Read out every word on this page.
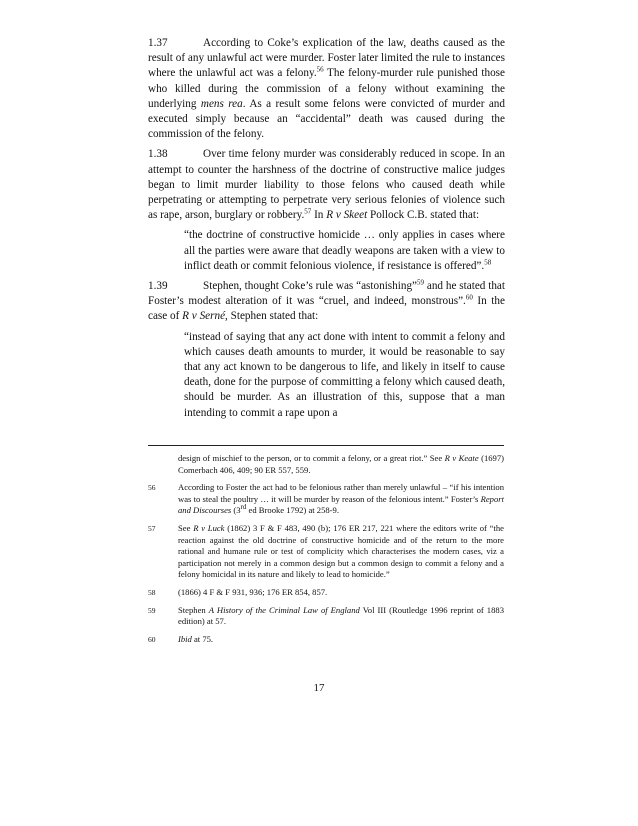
1.37	According to Coke’s explication of the law, deaths caused as the result of any unlawful act were murder. Foster later limited the rule to instances where the unlawful act was a felony.$^{56}$ The felony-murder rule punished those who killed during the commission of a felony without examining the underlying mens rea. As a result some felons were convicted of murder and executed simply because an “accidental” death was caused during the commission of the felony.

1.38	Over time felony murder was considerably reduced in scope. In an attempt to counter the harshness of the doctrine of constructive malice judges began to limit murder liability to those felons who caused death while perpetrating or attempting to perpetrate very serious felonies of violence such as rape, arson, burglary or robbery.$^{57}$ In R v Skeet Pollock C.B. stated that:

“the doctrine of constructive homicide … only applies in cases where all the parties were aware that deadly weapons are taken with a view to inflict death or commit felonious violence, if resistance is offered”.$^{58}$

1.39	Stephen, thought Coke’s rule was “astonishing”$^{59}$ and he stated that Foster’s modest alteration of it was “cruel, and indeed, monstrous”.$^{60}$ In the case of R v Serné, Stephen stated that:

“instead of saying that any act done with intent to commit a felony and which causes death amounts to murder, it would be reasonable to say that any act known to be dangerous to life, and likely in itself to cause death, done for the purpose of committing a felony which caused death, should be murder. As an illustration of this, suppose that a man intending to commit a rape upon a

design of mischief to the person, or to commit a felony, or a great riot.” See R v Keate (1697) Comerbach 406, 409; 90 ER 557, 559.
56	According to Foster the act had to be felonious rather than merely unlawful – “if his intention was to steal the poultry … it will be murder by reason of the felonious intent.” Foster’s Report and Discourses (3rd ed Brooke 1792) at 258-9.
57	See R v Luck (1862) 3 F & F 483, 490 (b); 176 ER 217, 221 where the editors write of “the reaction against the old doctrine of constructive homicide and of the return to the more rational and humane rule or test of complicity which characterises the modern cases, viz a participation not merely in a common design but a common design to commit a felony and a felony homicidal in its nature and likely to lead to homicide.”
58	(1866) 4 F & F 931, 936; 176 ER 854, 857.
59	Stephen A History of the Criminal Law of England Vol III (Routledge 1996 reprint of 1883 edition) at 57.
60	Ibid at 75.
17
